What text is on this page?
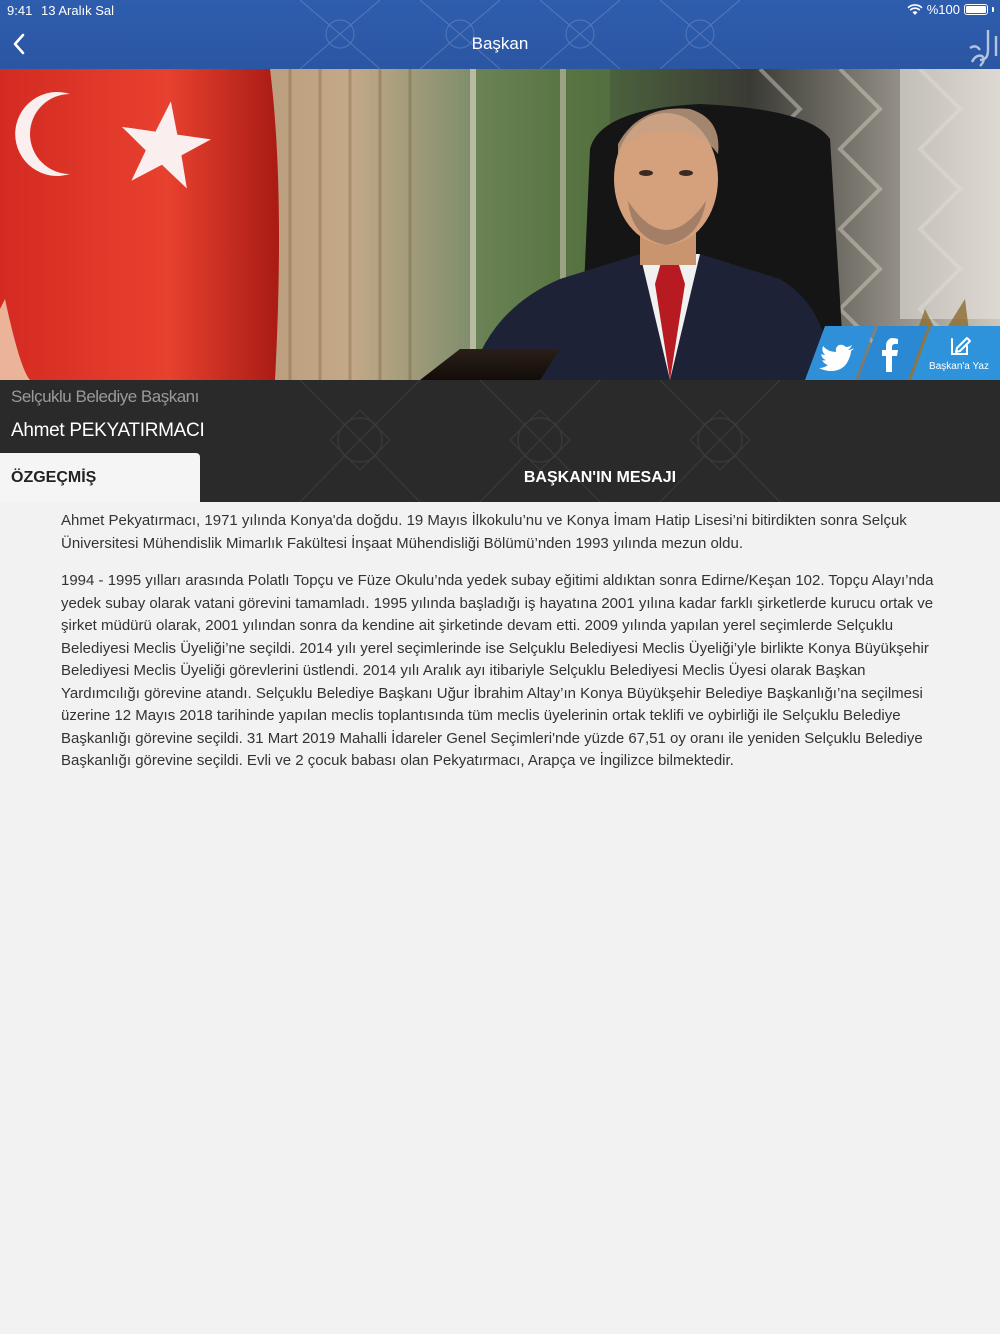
9:41 13 Aralık Sal	%100
Başkan
Başkan'a Yaz
Selçuklu Belediye Başkanı
Ahmet PEKYATIRMACI
ÖZGEÇMİŞ	BAŞKAN'IN MESAJI

Ahmet Pekyatırmacı, 1971 yılında Konya'da doğdu. 19 Mayıs İlkokulu’nu ve Konya İmam Hatip Lisesi’ni bitirdikten sonra Selçuk Üniversitesi Mühendislik Mimarlık Fakültesi İnşaat Mühendisliği Bölümü’nden 1993 yılında mezun oldu.

1994 - 1995 yılları arasında Polatlı Topçu ve Füze Okulu’nda yedek subay eğitimi aldıktan sonra Edirne/Keşan 102. Topçu Alayı’nda yedek subay olarak vatani görevini tamamladı. 1995 yılında başladığı iş hayatına 2001 yılına kadar farklı şirketlerde kurucu ortak ve şirket müdürü olarak, 2001 yılından sonra da kendine ait şirketinde devam etti. 2009 yılında yapılan yerel seçimlerde Selçuklu Belediyesi Meclis Üyeliği’ne seçildi. 2014 yılı yerel seçimlerinde ise Selçuklu Belediyesi Meclis Üyeliği’yle birlikte Konya Büyükşehir Belediyesi Meclis Üyeliği görevlerini üstlendi. 2014 yılı Aralık ayı itibariyle Selçuklu Belediyesi Meclis Üyesi olarak Başkan Yardımcılığı görevine atandı. Selçuklu Belediye Başkanı Uğur İbrahim Altay’ın Konya Büyükşehir Belediye Başkanlığı’na seçilmesi üzerine 12 Mayıs 2018 tarihinde yapılan meclis toplantısında tüm meclis üyelerinin ortak teklifi ve oybirliği ile Selçuklu Belediye Başkanlığı görevine seçildi. 31 Mart 2019 Mahalli İdareler Genel Seçimleri'nde yüzde 67,51 oy oranı ile yeniden Selçuklu Belediye Başkanlığı görevine seçildi. Evli ve 2 çocuk babası olan Pekyatırmacı, Arapça ve İngilizce bilmektedir.
